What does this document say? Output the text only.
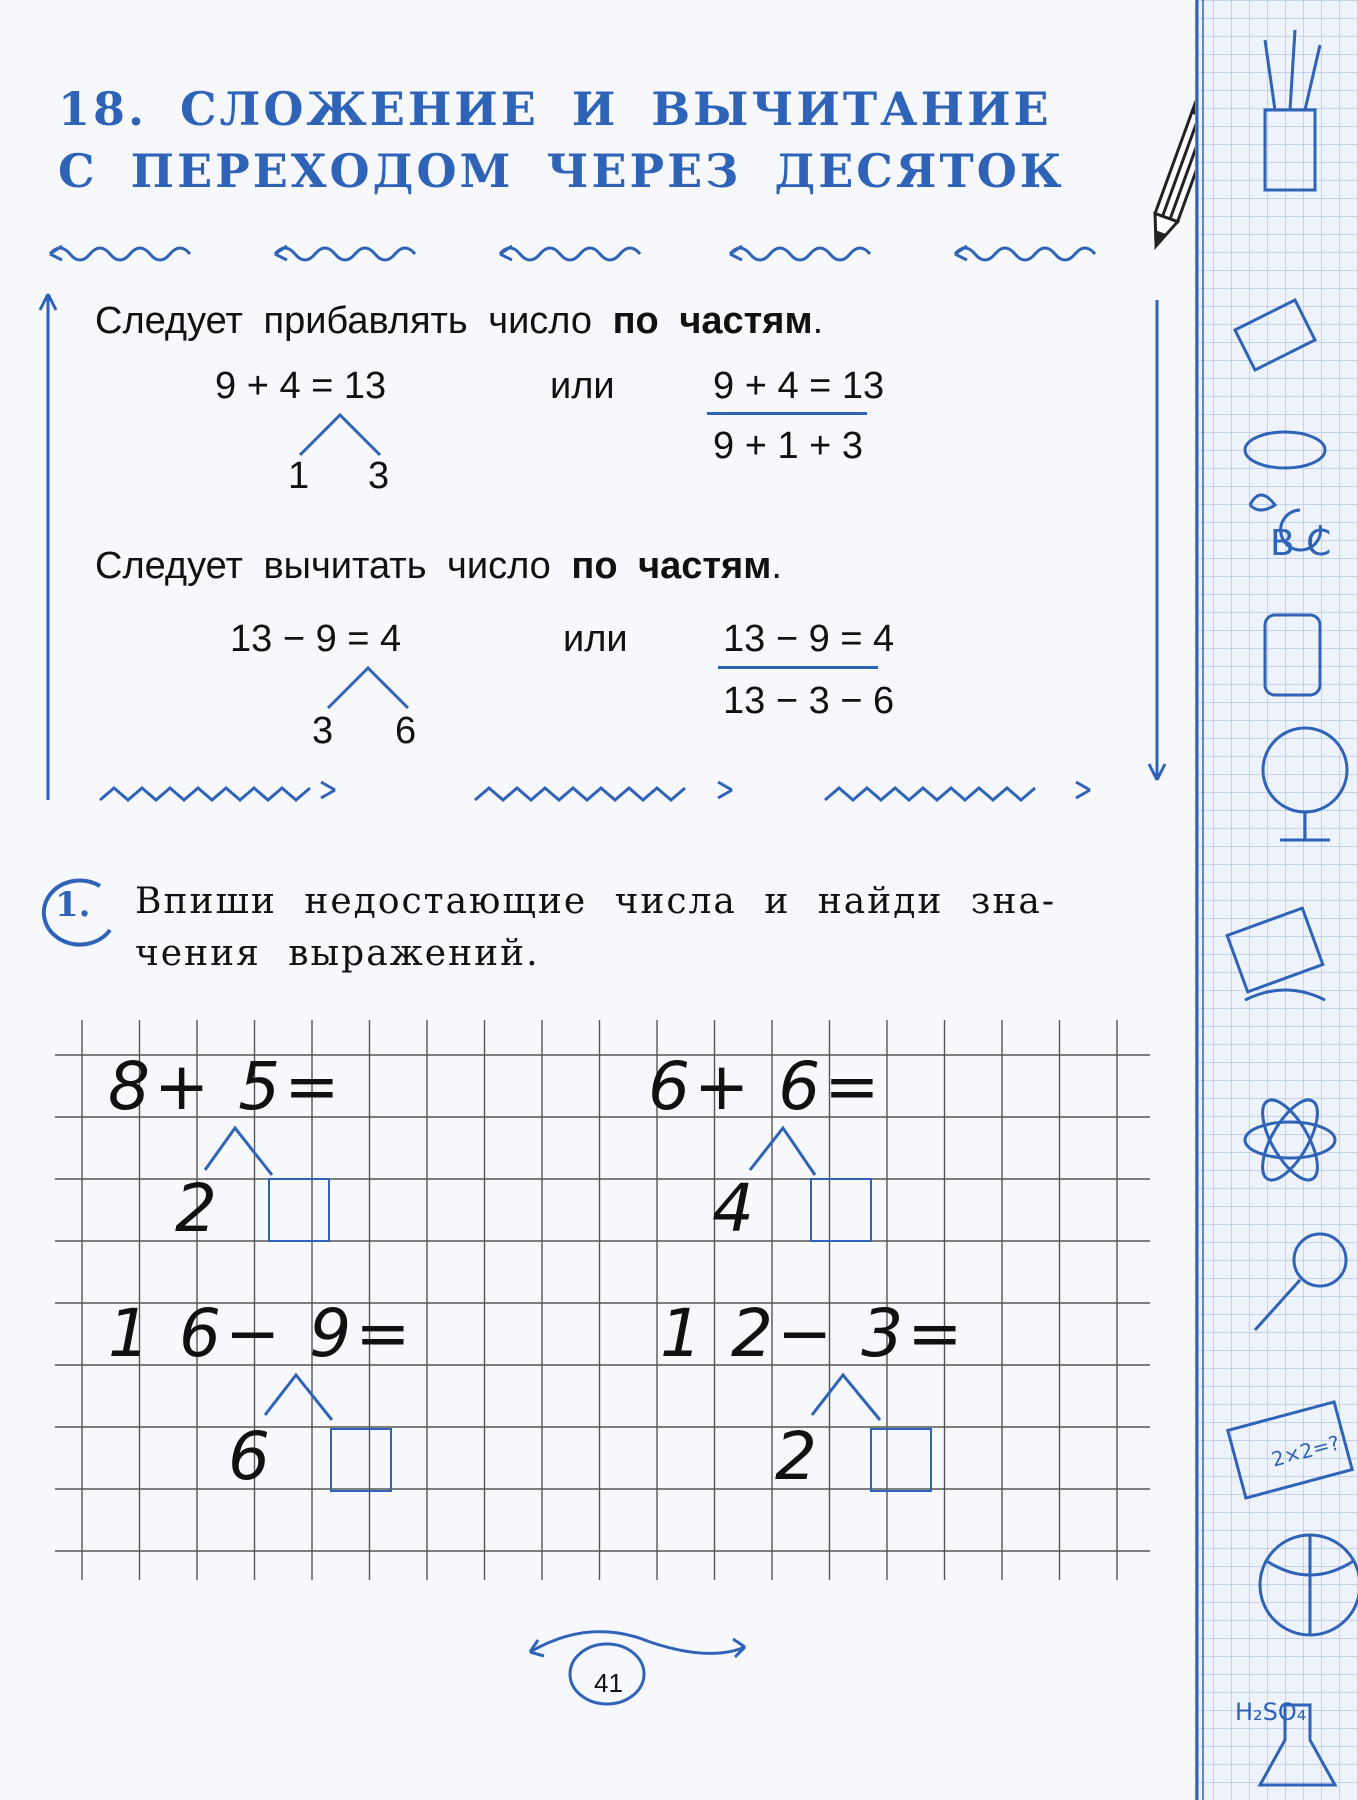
18. СЛОЖЕНИЕ И ВЫЧИТАНИЕ
С ПЕРЕХОДОМ ЧЕРЕЗ ДЕСЯТОК
Следует прибавлять число по частям.
9 + 4 = 13
1 3
или	9 + 4 = 13
9 + 1 + 3
Следует вычитать число по частям.
13 − 9 = 4
3 6
или	13 − 9 = 4
13 − 3 − 6
1. Впиши недостающие числа и найди зна-
чения выражений.
8+ 5=
2
6+ 6=
4
1 6− 9=
6
1 2− 3=
2
41
2×2=?
B C
H₂SO₄
